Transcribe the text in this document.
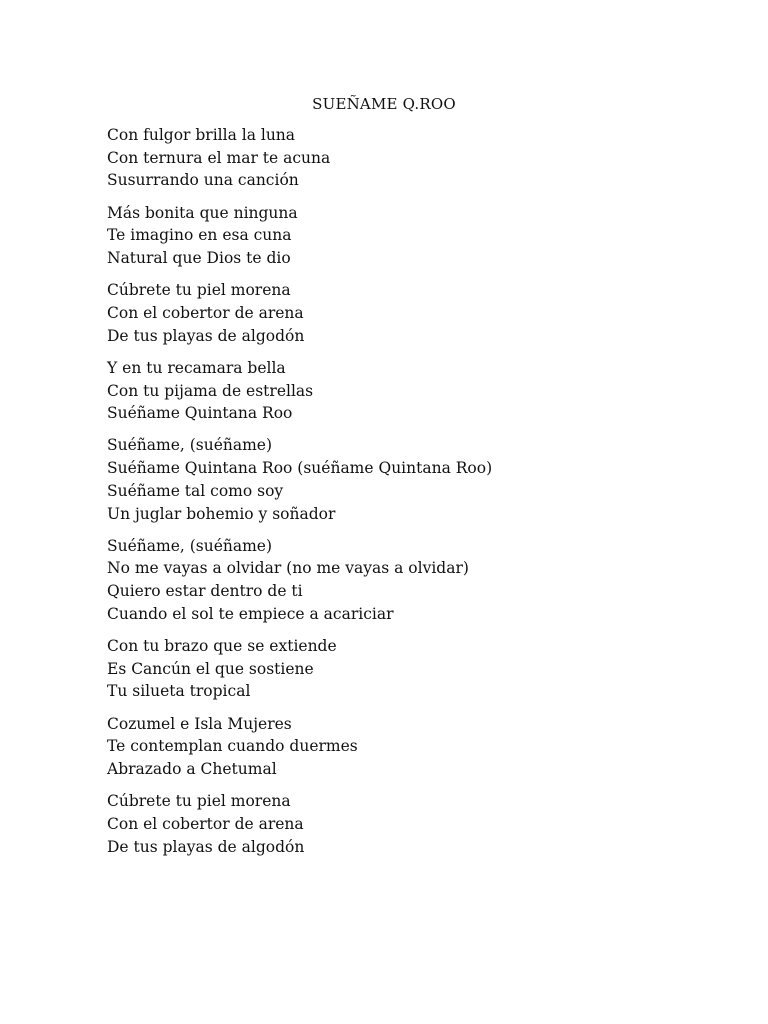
SUEÑAME Q.ROO
Con fulgor brilla la luna
Con ternura el mar te acuna
Susurrando una canción
Más bonita que ninguna
Te imagino en esa cuna
Natural que Dios te dio
Cúbrete tu piel morena
Con el cobertor de arena
De tus playas de algodón
Y en tu recamara bella
Con tu pijama de estrellas
Suéñame Quintana Roo
Suéñame, (suéñame)
Suéñame Quintana Roo (suéñame Quintana Roo)
Suéñame tal como soy
Un juglar bohemio y soñador
Suéñame, (suéñame)
No me vayas a olvidar (no me vayas a olvidar)
Quiero estar dentro de ti
Cuando el sol te empiece a acariciar
Con tu brazo que se extiende
Es Cancún el que sostiene
Tu silueta tropical
Cozumel e Isla Mujeres
Te contemplan cuando duermes
Abrazado a Chetumal
Cúbrete tu piel morena
Con el cobertor de arena
De tus playas de algodón
